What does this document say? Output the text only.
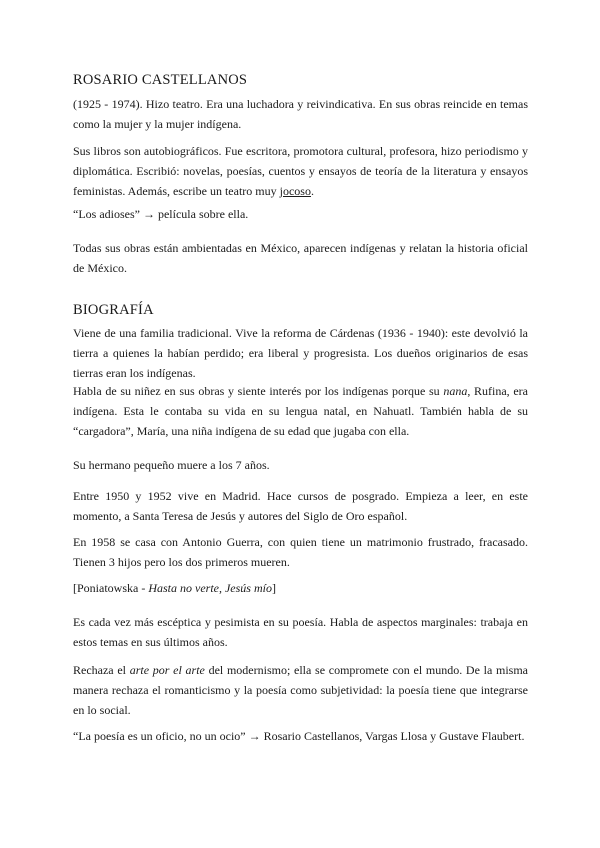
ROSARIO CASTELLANOS

(1925 - 1974). Hizo teatro. Era una luchadora y reivindicativa. En sus obras reincide en temas como la mujer y la mujer indígena.

Sus libros son autobiográficos. Fue escritora, promotora cultural, profesora, hizo periodismo y diplomática. Escribió: novelas, poesías, cuentos y ensayos de teoría de la literatura y ensayos feministas. Además, escribe un teatro muy jocoso.

“Los adioses” → película sobre ella.

Todas sus obras están ambientadas en México, aparecen indígenas y relatan la historia oficial de México.

BIOGRAFÍA

Viene de una familia tradicional. Vive la reforma de Cárdenas (1936 - 1940): este devolvió la tierra a quienes la habían perdido; era liberal y progresista. Los dueños originarios de esas tierras eran los indígenas.

Habla de su niñez en sus obras y siente interés por los indígenas porque su nana, Rufina, era indígena. Esta le contaba su vida en su lengua natal, en Nahuatl. También habla de su “cargadora”, María, una niña indígena de su edad que jugaba con ella.

Su hermano pequeño muere a los 7 años.

Entre 1950 y 1952 vive en Madrid. Hace cursos de posgrado. Empieza a leer, en este momento, a Santa Teresa de Jesús y autores del Siglo de Oro español.

En 1958 se casa con Antonio Guerra, con quien tiene un matrimonio frustrado, fracasado. Tienen 3 hijos pero los dos primeros mueren.

[Poniatowska - Hasta no verte, Jesús mío]

Es cada vez más escéptica y pesimista en su poesía. Habla de aspectos marginales: trabaja en estos temas en sus últimos años.

Rechaza el arte por el arte del modernismo; ella se compromete con el mundo. De la misma manera rechaza el romanticismo y la poesía como subjetividad: la poesía tiene que integrarse en lo social.

“La poesía es un oficio, no un ocio” → Rosario Castellanos, Vargas Llosa y Gustave Flaubert.
